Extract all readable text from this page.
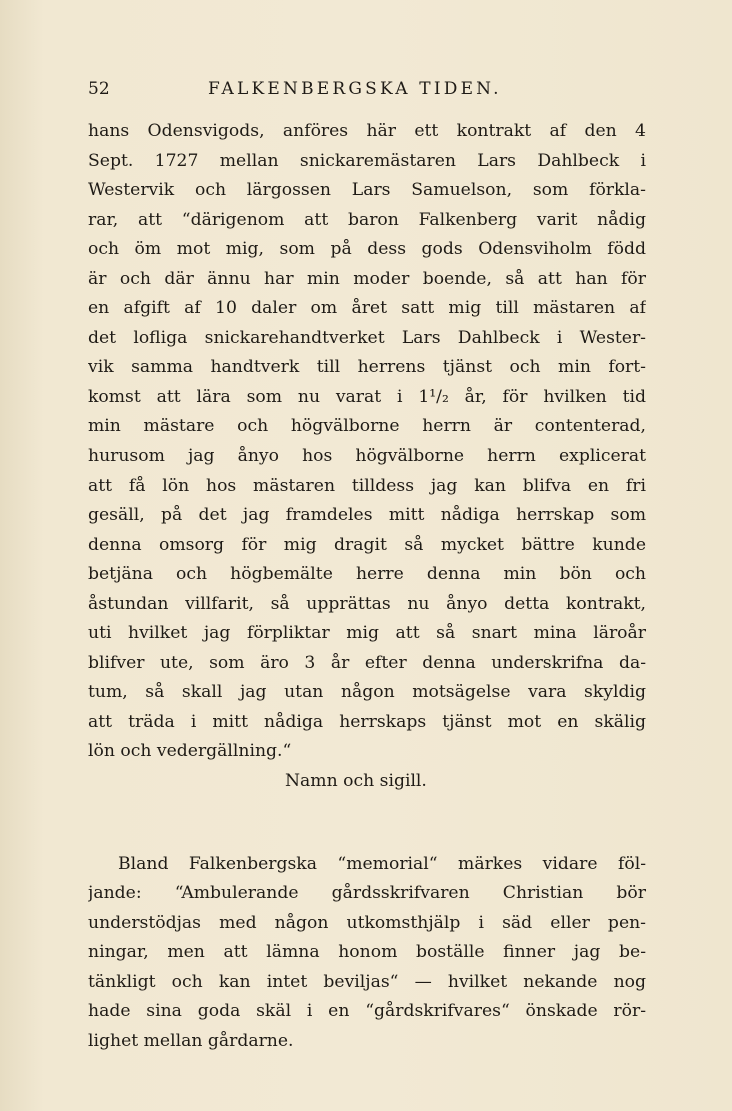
52	FALKENBERGSKA TIDEN.
hans Odensvigods, anföres här ett kontrakt af den 4
Sept. 1727 mellan snickaremästaren Lars Dahlbeck i
Westervik och lärgossen Lars Samuelson, som förkla-
rar, att “därigenom att baron Falkenberg varit nådig
och öm mot mig, som på dess gods Odensviholm född
är och där ännu har min moder boende, så att han för
en afgift af 10 daler om året satt mig till mästaren af
det lofliga snickarehandtverket Lars Dahlbeck i Wester-
vik samma handtverk till herrens tjänst och min fort-
komst att lära som nu varat i 1¹/₂ år, för hvilken tid
min mästare och högvälborne herrn är contenterad,
hurusom jag ånyo hos högvälborne herrn explicerat
att få lön hos mästaren tilldess jag kan blifva en fri
gesäll, på det jag framdeles mitt nådiga herrskap som
denna omsorg för mig dragit så mycket bättre kunde
betjäna och högbemälte herre denna min bön och
åstundan villfarit, så upprättas nu ånyo detta kontrakt,
uti hvilket jag förpliktar mig att så snart mina läroår
blifver ute, som äro 3 år efter denna underskrifna da-
tum, så skall jag utan någon motsägelse vara skyldig
att träda i mitt nådiga herrskaps tjänst mot en skälig
lön och vedergällning.“
Namn och sigill.
Bland Falkenbergska “memorial“ märkes vidare föl-
jande: “Ambulerande gårdsskrifvaren Christian bör
understödjas med någon utkomsthjälp i säd eller pen-
ningar, men att lämna honom boställe finner jag be-
tänkligt och kan intet beviljas“ — hvilket nekande nog
hade sina goda skäl i en “gårdskrifvares“ önskade rör-
lighet mellan gårdarne.
